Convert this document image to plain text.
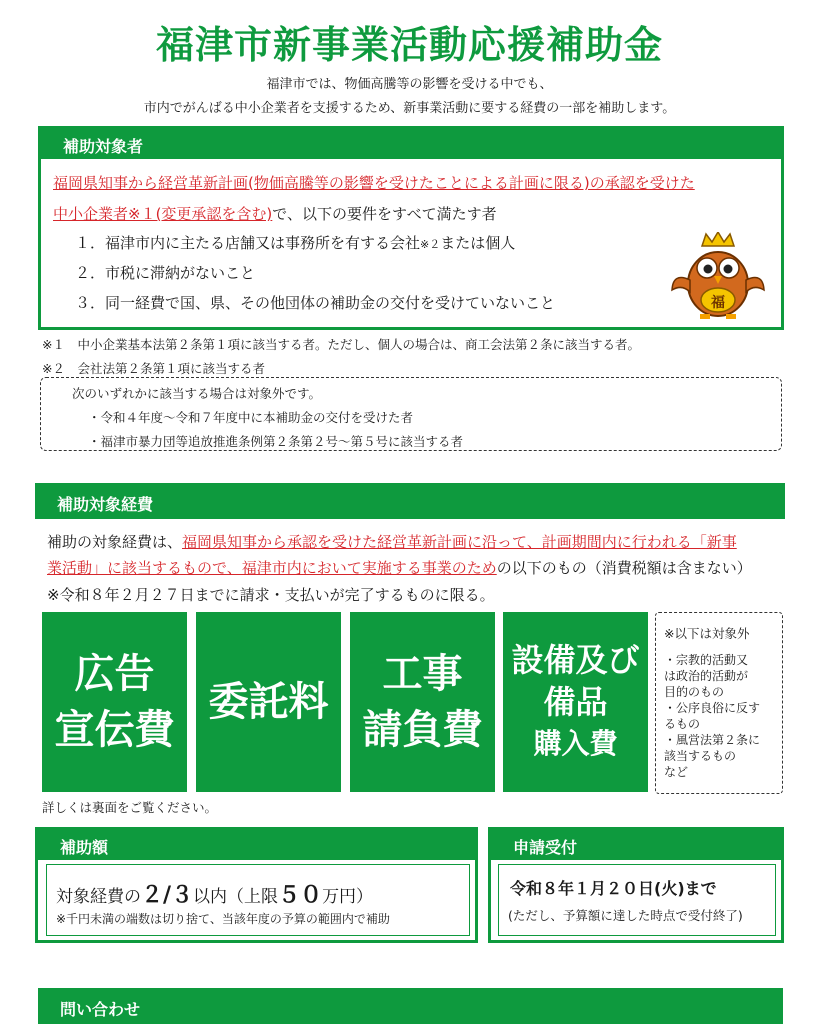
福津市新事業活動応援補助金
福津市では、物価高騰等の影響を受ける中でも、
市内でがんばる中小企業者を支援するため、新事業活動に要する経費の一部を補助します。
補助対象者
福岡県知事から経営革新計画(物価高騰等の影響を受けたことによる計画に限る)の承認を受けた
中小企業者※１(変更承認を含む)で、以下の要件をすべて満たす者
１．福津市内に主たる店舗又は事務所を有する会社※２または個人
２．市税に滞納がないこと
３．同一経費で国、県、その他団体の補助金の交付を受けていないこと	福
※１　中小企業基本法第２条第１項に該当する者。ただし、個人の場合は、商工会法第２条に該当する者。
※２　会社法第２条第１項に該当する者
次のいずれかに該当する場合は対象外です。
・令和４年度～令和７年度中に本補助金の交付を受けた者
・福津市暴力団等追放推進条例第２条第２号～第５号に該当する者
補助対象経費
補助の対象経費は、福岡県知事から承認を受けた経営革新計画に沿って、計画期間内に行われる「新事
業活動」に該当するもので、福津市内において実施する事業のための以下のもの（消費税額は含まない）
※令和８年２月２７日までに請求・支払いが完了するものに限る。
広告
宣伝費
委託料
工事
請負費
設備及び
備品
購入費
※以下は対象外
・宗教的活動又
は政治的活動が
目的のもの
・公序良俗に反す
るもの
・風営法第２条に
該当するもの
など
詳しくは裏面をご覧ください。
補助額
対象経費の２/３以内（上限５０万円）
※千円未満の端数は切り捨て、当該年度の予算の範囲内で補助
申請受付
令和８年１月２０日(火)まで
(ただし、予算額に達した時点で受付終了)
問い合わせ
